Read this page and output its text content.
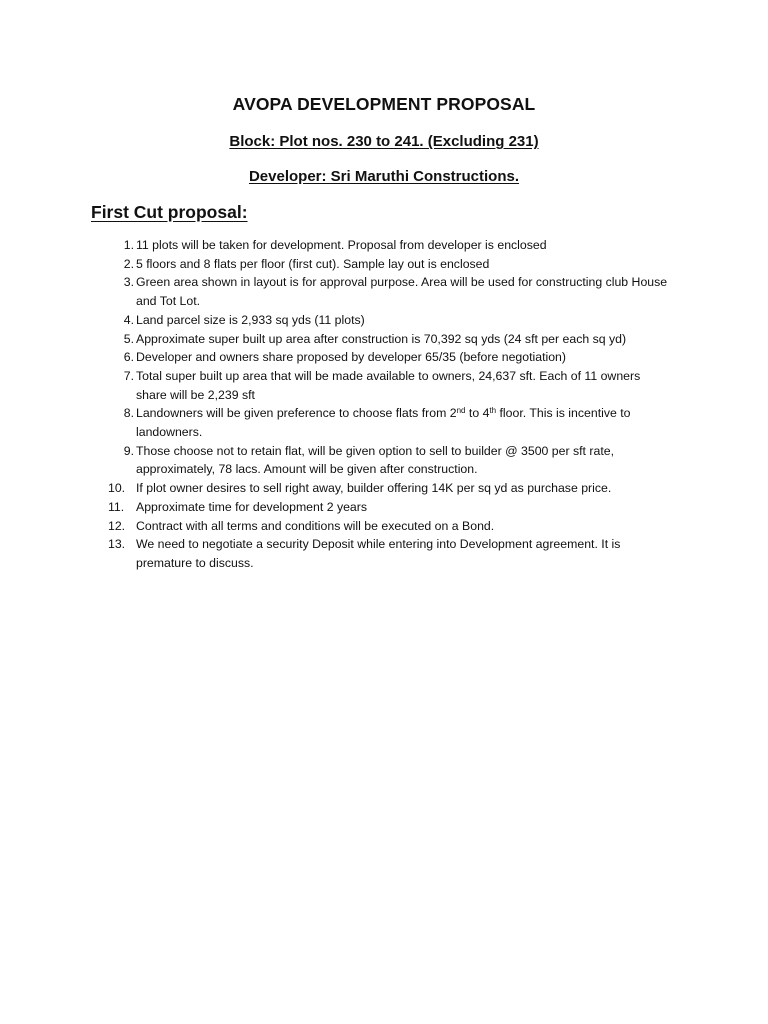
AVOPA DEVELOPMENT PROPOSAL
Block: Plot nos. 230 to 241. (Excluding 231)
Developer: Sri Maruthi Constructions.
First Cut proposal:
1. 11 plots will be taken for development. Proposal from developer is enclosed
2. 5 floors and 8 flats per floor (first cut). Sample lay out is enclosed
3. Green area shown in layout is for approval purpose. Area will be used for constructing club House and Tot Lot.
4. Land parcel size is 2,933 sq yds (11 plots)
5. Approximate super built up area after construction is 70,392 sq yds (24 sft per each sq yd)
6. Developer and owners share proposed by developer 65/35 (before negotiation)
7. Total super built up area that will be made available to owners, 24,637 sft. Each of 11 owners share will be 2,239 sft
8. Landowners will be given preference to choose flats from 2nd to 4th floor. This is incentive to landowners.
9. Those choose not to retain flat, will be given option to sell to builder @ 3500 per sft rate, approximately, 78 lacs. Amount will be given after construction.
10. If plot owner desires to sell right away, builder offering 14K per sq yd as purchase price.
11. Approximate time for development 2 years
12. Contract with all terms and conditions will be executed on a Bond.
13. We need to negotiate a security Deposit while entering into Development agreement. It is premature to discuss.
